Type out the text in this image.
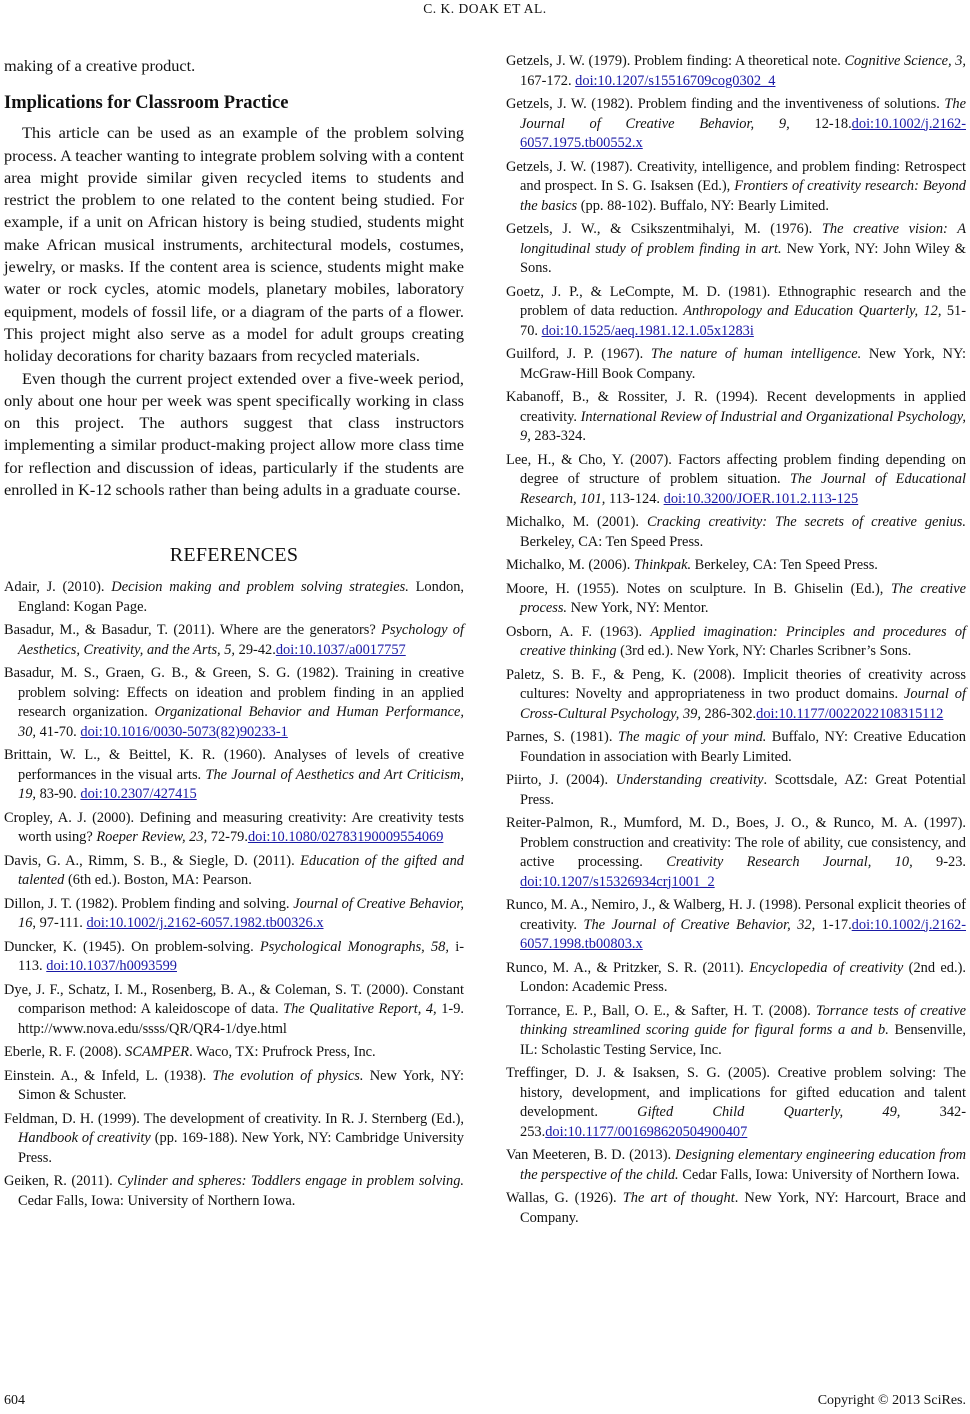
C. K. DOAK ET AL.

making of a creative product.

Implications for Classroom Practice

This article can be used as an example of the problem solving process. A teacher wanting to integrate problem solving with a content area might provide similar given recycled items to students and restrict the problem to one related to the content being studied. For example, if a unit on African history is being studied, students might make African musical instruments, architectural models, costumes, jewelry, or masks. If the content area is science, students might make water or rock cycles, atomic models, planetary mobiles, laboratory equipment, models of fossil life, or a diagram of the parts of a flower. This project might also serve as a model for adult groups creating holiday decorations for charity bazaars from recycled materials.

Even though the current project extended over a five-week period, only about one hour per week was spent specifically working in class on this project. The authors suggest that class instructors implementing a similar product-making project allow more class time for reflection and discussion of ideas, particularly if the students are enrolled in K-12 schools rather than being adults in a graduate course.

REFERENCES

Adair, J. (2010). Decision making and problem solving strategies. London, England: Kogan Page.

Basadur, M., & Basadur, T. (2011). Where are the generators? Psychology of Aesthetics, Creativity, and the Arts, 5, 29-42.doi:10.1037/a0017757

Basadur, M. S., Graen, G. B., & Green, S. G. (1982). Training in creative problem solving: Effects on ideation and problem finding in an applied research organization. Organizational Behavior and Human Performance, 30, 41-70. doi:10.1016/0030-5073(82)90233-1

Brittain, W. L., & Beittel, K. R. (1960). Analyses of levels of creative performances in the visual arts. The Journal of Aesthetics and Art Criticism, 19, 83-90. doi:10.2307/427415

Cropley, A. J. (2000). Defining and measuring creativity: Are creativity tests worth using? Roeper Review, 23, 72-79.doi:10.1080/02783190009554069

Davis, G. A., Rimm, S. B., & Siegle, D. (2011). Education of the gifted and talented (6th ed.). Boston, MA: Pearson.

Dillon, J. T. (1982). Problem finding and solving. Journal of Creative Behavior, 16, 97-111. doi:10.1002/j.2162-6057.1982.tb00326.x

Duncker, K. (1945). On problem-solving. Psychological Monographs, 58, i-113. doi:10.1037/h0093599

Dye, J. F., Schatz, I. M., Rosenberg, B. A., & Coleman, S. T. (2000). Constant comparison method: A kaleidoscope of data. The Qualitative Report, 4, 1-9. http://www.nova.edu/ssss/QR/QR4-1/dye.html

Eberle, R. F. (2008). SCAMPER. Waco, TX: Prufrock Press, Inc.

Einstein. A., & Infeld, L. (1938). The evolution of physics. New York, NY: Simon & Schuster.

Feldman, D. H. (1999). The development of creativity. In R. J. Sternberg (Ed.), Handbook of creativity (pp. 169-188). New York, NY: Cambridge University Press.

Geiken, R. (2011). Cylinder and spheres: Toddlers engage in problem solving. Cedar Falls, Iowa: University of Northern Iowa.

Getzels, J. W. (1979). Problem finding: A theoretical note. Cognitive Science, 3, 167-172. doi:10.1207/s15516709cog0302_4

Getzels, J. W. (1982). Problem finding and the inventiveness of solutions. The Journal of Creative Behavior, 9, 12-18.doi:10.1002/j.2162-6057.1975.tb00552.x

Getzels, J. W. (1987). Creativity, intelligence, and problem finding: Retrospect and prospect. In S. G. Isaksen (Ed.), Frontiers of creativity research: Beyond the basics (pp. 88-102). Buffalo, NY: Bearly Limited.

Getzels, J. W., & Csikszentmihalyi, M. (1976). The creative vision: A longitudinal study of problem finding in art. New York, NY: John Wiley & Sons.

Goetz, J. P., & LeCompte, M. D. (1981). Ethnographic research and the problem of data reduction. Anthropology and Education Quarterly, 12, 51-70. doi:10.1525/aeq.1981.12.1.05x1283i

Guilford, J. P. (1967). The nature of human intelligence. New York, NY: McGraw-Hill Book Company.

Kabanoff, B., & Rossiter, J. R. (1994). Recent developments in applied creativity. International Review of Industrial and Organizational Psychology, 9, 283-324.

Lee, H., & Cho, Y. (2007). Factors affecting problem finding depending on degree of structure of problem situation. The Journal of Educational Research, 101, 113-124. doi:10.3200/JOER.101.2.113-125

Michalko, M. (2001). Cracking creativity: The secrets of creative genius. Berkeley, CA: Ten Speed Press.

Michalko, M. (2006). Thinkpak. Berkeley, CA: Ten Speed Press.

Moore, H. (1955). Notes on sculpture. In B. Ghiselin (Ed.), The creative process. New York, NY: Mentor.

Osborn, A. F. (1963). Applied imagination: Principles and procedures of creative thinking (3rd ed.). New York, NY: Charles Scribner’s Sons.

Paletz, S. B. F., & Peng, K. (2008). Implicit theories of creativity across cultures: Novelty and appropriateness in two product domains. Journal of Cross-Cultural Psychology, 39, 286-302.doi:10.1177/0022022108315112

Parnes, S. (1981). The magic of your mind. Buffalo, NY: Creative Education Foundation in association with Bearly Limited.

Piirto, J. (2004). Understanding creativity. Scottsdale, AZ: Great Potential Press.

Reiter-Palmon, R., Mumford, M. D., Boes, J. O., & Runco, M. A. (1997). Problem construction and creativity: The role of ability, cue consistency, and active processing. Creativity Research Journal, 10, 9-23. doi:10.1207/s15326934crj1001_2

Runco, M. A., Nemiro, J., & Walberg, H. J. (1998). Personal explicit theories of creativity. The Journal of Creative Behavior, 32, 1-17.doi:10.1002/j.2162-6057.1998.tb00803.x

Runco, M. A., & Pritzker, S. R. (2011). Encyclopedia of creativity (2nd ed.). London: Academic Press.

Torrance, E. P., Ball, O. E., & Safter, H. T. (2008). Torrance tests of creative thinking streamlined scoring guide for figural forms a and b. Bensenville, IL: Scholastic Testing Service, Inc.

Treffinger, D. J. & Isaksen, S. G. (2005). Creative problem solving: The history, development, and implications for gifted education and talent development. Gifted Child Quarterly, 49, 342-253.doi:10.1177/001698620504900407

Van Meeteren, B. D. (2013). Designing elementary engineering education from the perspective of the child. Cedar Falls, Iowa: University of Northern Iowa.

Wallas, G. (1926). The art of thought. New York, NY: Harcourt, Brace and Company.

604	Copyright © 2013 SciRes.
